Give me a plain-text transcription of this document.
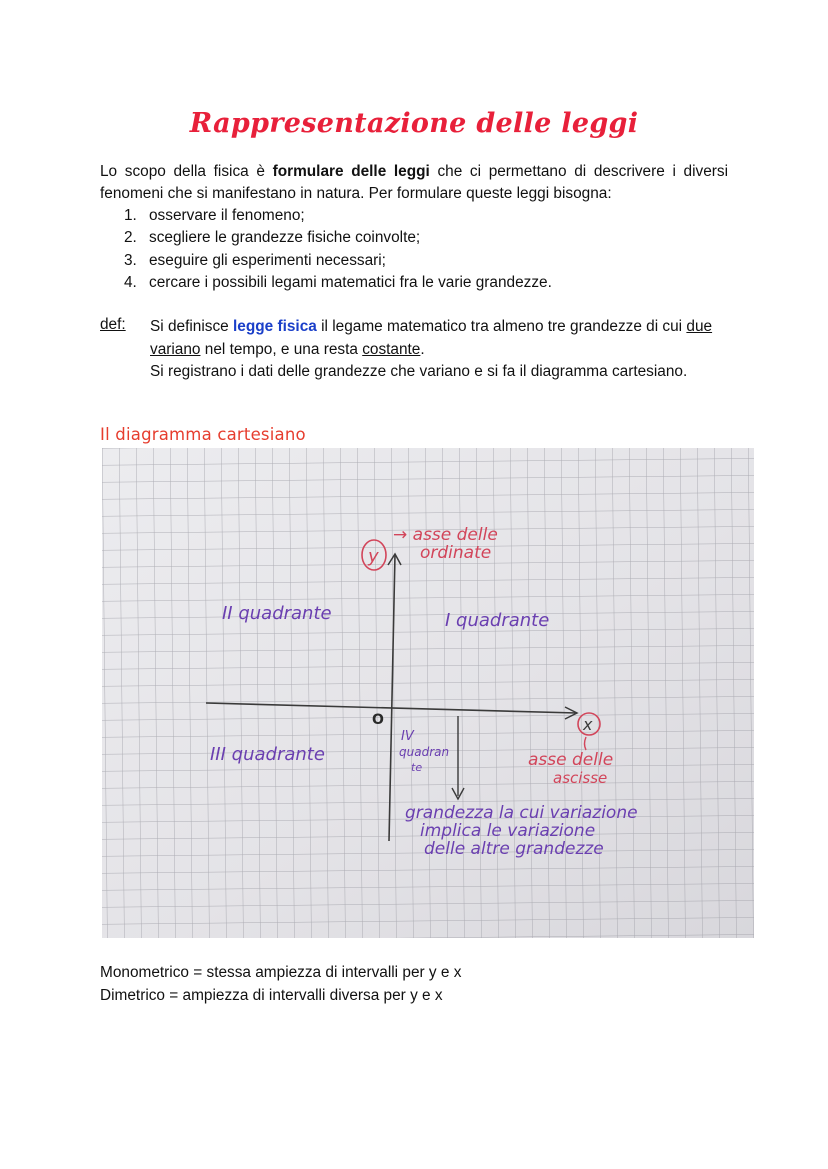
Rappresentazione delle leggi
Lo scopo della fisica è formulare delle leggi che ci permettano di descrivere i diversi fenomeni che si manifestano in natura. Per formulare queste leggi bisogna:
1. osservare il fenomeno;
2. scegliere le grandezze fisiche coinvolte;
3. eseguire gli esperimenti necessari;
4. cercare i possibili legami matematici fra le varie grandezze.
def: Si definisce legge fisica il legame matematico tra almeno tre grandezze di cui due variano nel tempo, e una resta costante.

Si registrano i dati delle grandezze che variano e si fa il diagramma cartesiano.

Il diagramma cartesiano
y
→ asse delle
ordinate
x
asse delle
ascisse
O
II quadrante	I quadrante
III quadrante
IV
quadran
te
grandezza la cui variazione
implica le variazione
delle altre grandezze
Monometrico = stessa ampiezza di intervalli per y e x
Dimetrico = ampiezza di intervalli diversa per y e x
